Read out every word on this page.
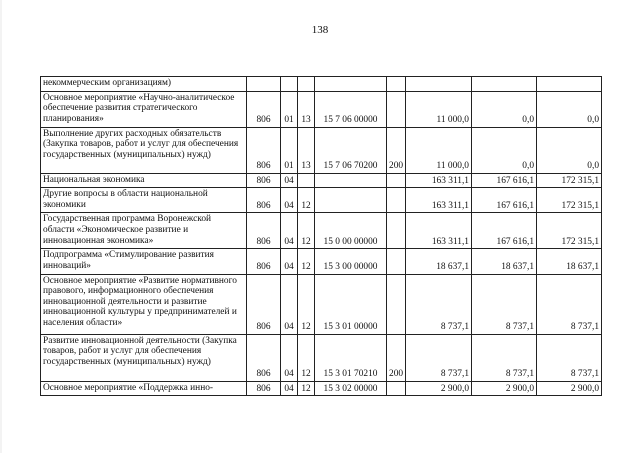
138
некоммерческим организациям)								
Основное мероприятие «Научно-аналитическое обеспечение развития стратегического планирования»	806	01	13	15 7 06 00000		11 000,0	0,0	0,0
Выполнение других расходных обязательств (Закупка товаров, работ и услуг для обеспечения государственных (муниципальных) нужд)	806	01	13	15 7 06 70200	200	11 000,0	0,0	0,0
Национальная экономика	806	04				163 311,1	167 616,1	172 315,1
Другие вопросы в области национальной экономики	806	04	12			163 311,1	167 616,1	172 315,1
Государственная программа Воронежской области «Экономическое развитие и инновационная экономика»	806	04	12	15 0 00 00000		163 311,1	167 616,1	172 315,1
Подпрограмма «Стимулирование развития инноваций»	806	04	12	15 3 00 00000		18 637,1	18 637,1	18 637,1
Основное мероприятие «Развитие нормативного правового, информационного обеспечения инновационной деятельности и развитие инновационной культуры у предпринимателей и населения области»	806	04	12	15 3 01 00000		8 737,1	8 737,1	8 737,1
Развитие инновационной деятельности (Закупка товаров, работ и услуг для обеспечения государственных (муниципальных) нужд)	806	04	12	15 3 01 70210	200	8 737,1	8 737,1	8 737,1
Основное мероприятие «Поддержка инно-	806	04	12	15 3 02 00000		2 900,0	2 900,0	2 900,0
